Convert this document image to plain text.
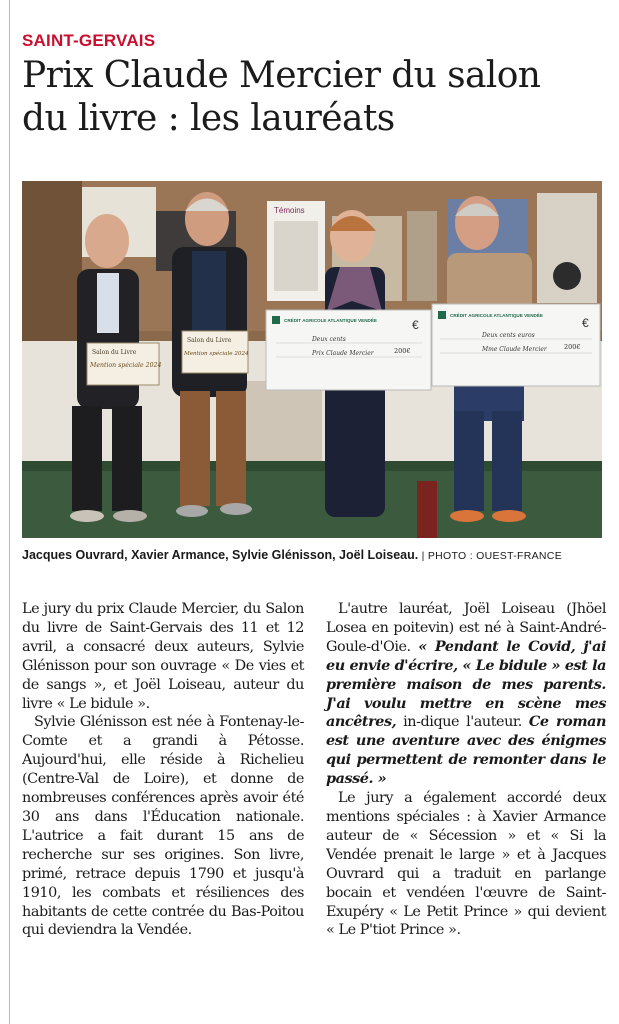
SAINT-GERVAIS
Prix Claude Mercier du salon
du livre : les lauréats
Témoins
Salon du Livre
Mention spéciale 2024
Salon du Livre
Mention spéciale 2024
CRÉDIT AGRICOLE ATLANTIQUE VENDÉE	€
Deux cents
Prix Claude Mercier	200€
CRÉDIT AGRICOLE ATLANTIQUE VENDÉE
€
Deux cents euros
Mme Claude Mercier	200€
Jacques Ouvrard, Xavier Armance, Sylvie Glénisson, Joël Loiseau. | PHOTO : OUEST-FRANCE

Le jury du prix Claude Mercier, du Salon du livre de Saint-Gervais des 11 et 12 avril, a consacré deux auteurs, Sylvie Glénisson pour son ouvrage « De vies et de sangs », et Joël Loiseau, auteur du livre « Le bidule ».

Sylvie Glénisson est née à Fontenay-le-Comte et a grandi à Pétosse. Aujourd'hui, elle réside à Richelieu (Centre-Val de Loire), et donne de nombreuses conférences après avoir été 30 ans dans l'Éducation nationale. L'autrice a fait durant 15 ans de recherche sur ses origines. Son livre, primé, retrace depuis 1790 et jusqu'à 1910, les combats et résiliences des habitants de cette contrée du Bas-Poitou qui deviendra la Vendée.

L'autre lauréat, Joël Loiseau (Jhöel Losea en poitevin) est né à Saint-André-Goule-d'Oie. « Pendant le Covid, j'ai eu envie d'écrire, « Le bidule » est la première maison de mes parents. J'ai voulu mettre en scène mes ancêtres, in-dique l'auteur. Ce roman est une aventure avec des énigmes qui permettent de remonter dans le passé. »

Le jury a également accordé deux mentions spéciales : à Xavier Armance auteur de « Sécession » et « Si la Vendée prenait le large » et à Jacques Ouvrard qui a traduit en parlange bocain et vendéen l'œuvre de Saint-Exupéry « Le Petit Prince » qui devient « Le P'tiot Prince ».
